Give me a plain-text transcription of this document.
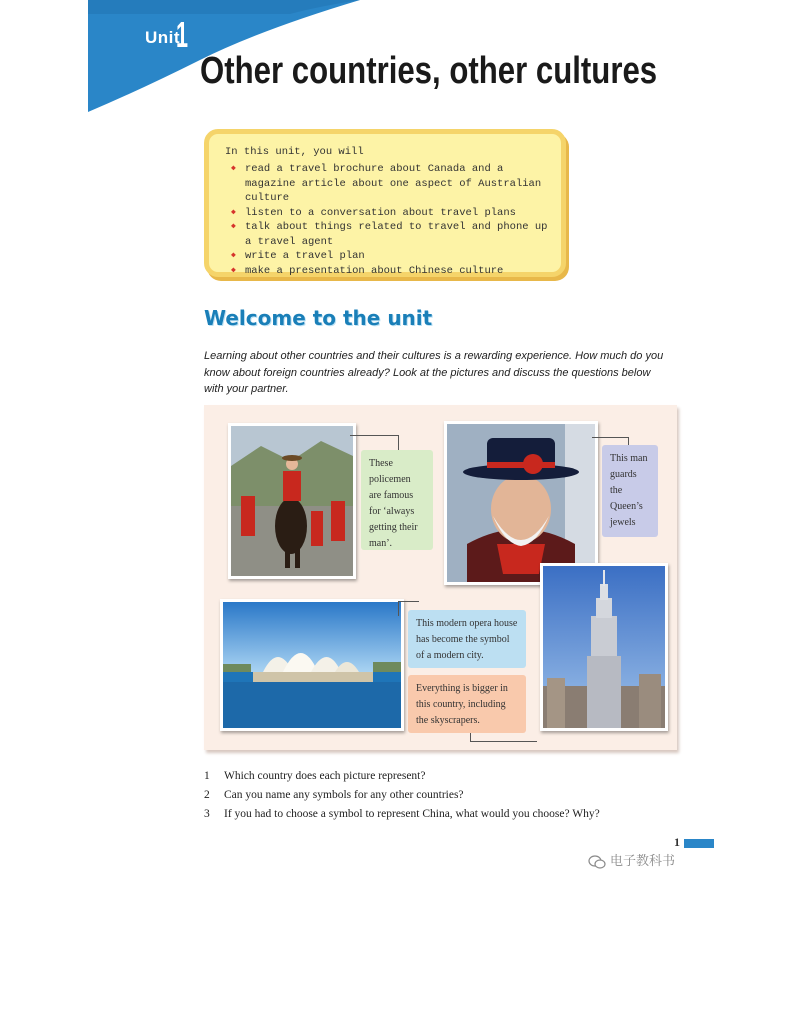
Unit
1
Other countries, other cultures
In this unit, you will
◆ read a travel brochure about Canada and a magazine article about one aspect of Australian culture
◆ listen to a conversation about travel plans
◆ talk about things related to travel and phone up a travel agent
◆ write a travel plan
◆ make a presentation about Chinese culture
Welcome to the unit
Learning about other countries and their cultures is a rewarding experience. How much do you know about foreign countries already? Look at the pictures and discuss the questions below with your partner.
These policemen are famous for ‘always getting their man’.
This man guards the Queen’s jewels
This modern opera house has become the symbol of a modern city.
Everything is bigger in this country, including the skyscrapers.
1 Which country does each picture represent?
2 Can you name any symbols for any other countries?
3 If you had to choose a symbol to represent China, what would you choose? Why?
1
电子教科书
